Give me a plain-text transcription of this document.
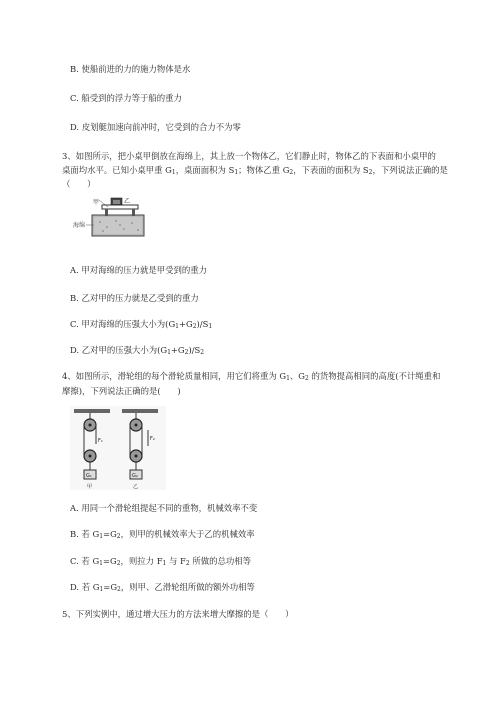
B. 使船前进的力的施力物体是水
C. 船受到的浮力等于船的重力
D. 皮划艇加速向前冲时，它受到的合力不为零
3、如图所示，把小桌甲倒放在海绵上，其上放一个物体乙，它们静止时，物体乙的下表面和小桌甲的
桌面均水平。已知小桌甲重 $G_1$，桌面面积为 $S_1$；物体乙重 $G_2$，下表面的面积为 $S_2$，下列说法正确的是
（　　）
甲	乙
海绵
A. 甲对海绵的压力就是甲受到的重力
B. 乙对甲的压力就是乙受到的重力
C. 甲对海绵的压强大小为$(G_1+G_2)/S_1$
D. 乙对甲的压强大小为$(G_1+G_2)/S_2$
4、如图所示，滑轮组的每个滑轮质量相同，用它们将重为 $G_1$、$G_2$ 的货物提高相同的高度(不计绳重和
摩擦)，下列说法正确的是(　　)
G₁
F₁
甲
G₂
F₂
乙
A. 用同一个滑轮组提起不同的重物，机械效率不变
B. 若 $G_1=G_2$，则甲的机械效率大于乙的机械效率
C. 若 $G_1=G_2$，则拉力 $F_1$ 与 $F_2$ 所做的总功相等
D. 若 $G_1=G_2$，则甲、乙滑轮组所做的额外功相等
5、下列实例中，通过增大压力的方法来增大摩擦的是（　　）
